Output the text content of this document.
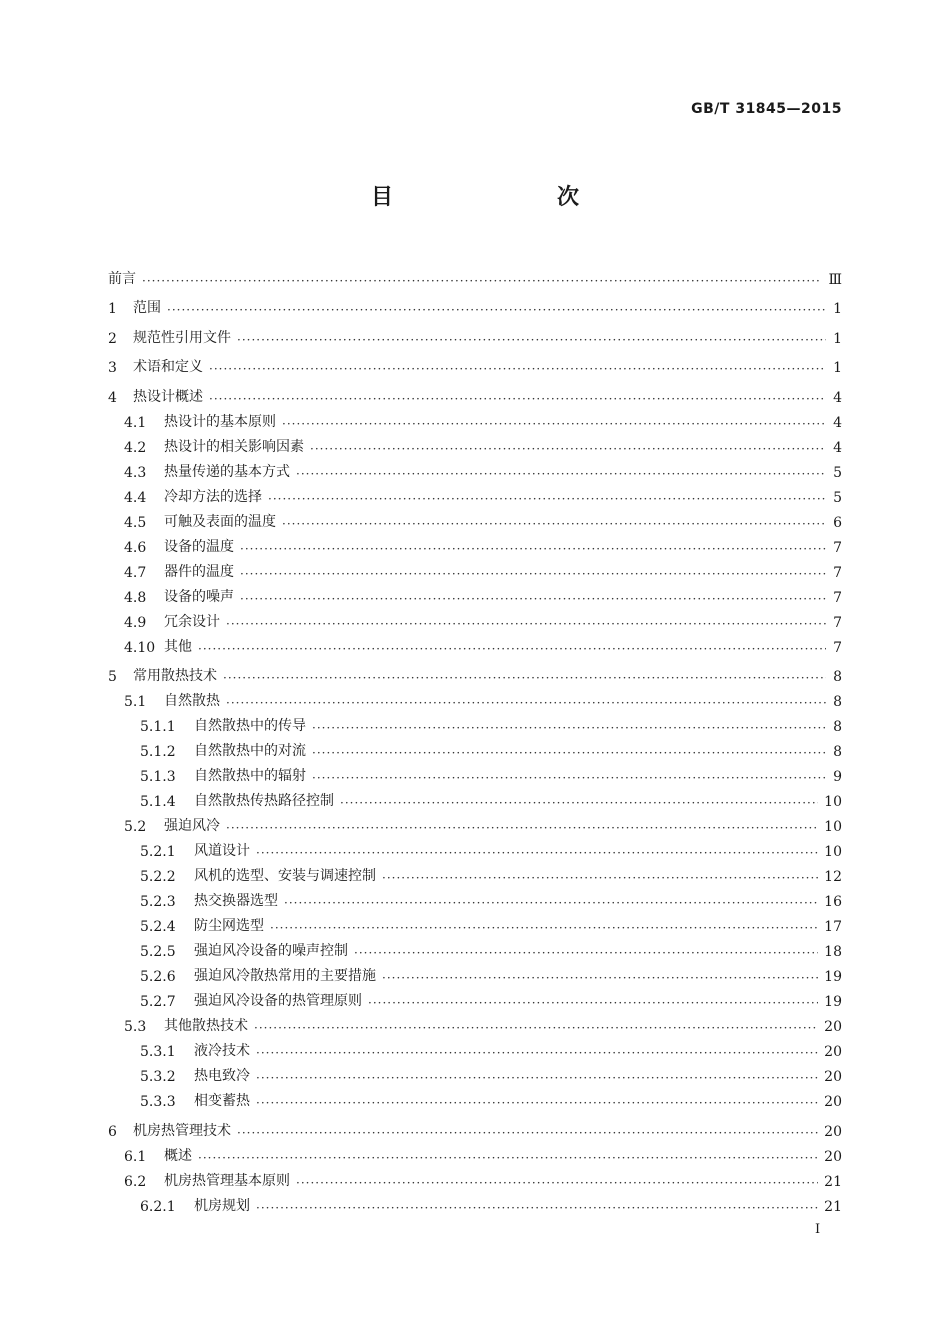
GB/T 31845—2015
目　　次
前言 ·····	Ⅲ
1	范围 ·····	1
2	规范性引用文件 ·····	1
3	术语和定义 ·····	1
4	热设计概述 ·····	4
4.1	热设计的基本原则 ·····	4
4.2	热设计的相关影响因素 ·····	4
4.3	热量传递的基本方式 ·····	5
4.4	冷却方法的选择 ·····	5
4.5	可触及表面的温度 ·····	6
4.6	设备的温度 ·····	7
4.7	器件的温度 ·····	7
4.8	设备的噪声 ·····	7
4.9	冗余设计 ·····	7
4.10 其他 ·····	7
5	常用散热技术 ·····	8
5.1	自然散热 ·····	8
5.1.1	自然散热中的传导 ·····	8
5.1.2	自然散热中的对流 ·····	8
5.1.3	自然散热中的辐射 ·····	9
5.1.4	自然散热传热路径控制 ·····	10
5.2	强迫风冷 ·····	10
5.2.1	风道设计 ·····	10
5.2.2	风机的选型、安装与调速控制 ·····	12
5.2.3	热交换器选型 ·····	16
5.2.4	防尘网选型 ·····	17
5.2.5	强迫风冷设备的噪声控制 ·····	18
5.2.6	强迫风冷散热常用的主要措施 ·····	19
5.2.7	强迫风冷设备的热管理原则 ·····	19
5.3	其他散热技术 ·····	20
5.3.1	液冷技术 ·····	20
5.3.2	热电致冷 ·····	20
5.3.3	相变蓄热 ·····	20
6	机房热管理技术 ·····	20
6.1	概述 ·····	20
6.2	机房热管理基本原则 ·····	21
6.2.1	机房规划 ·····	21
I
